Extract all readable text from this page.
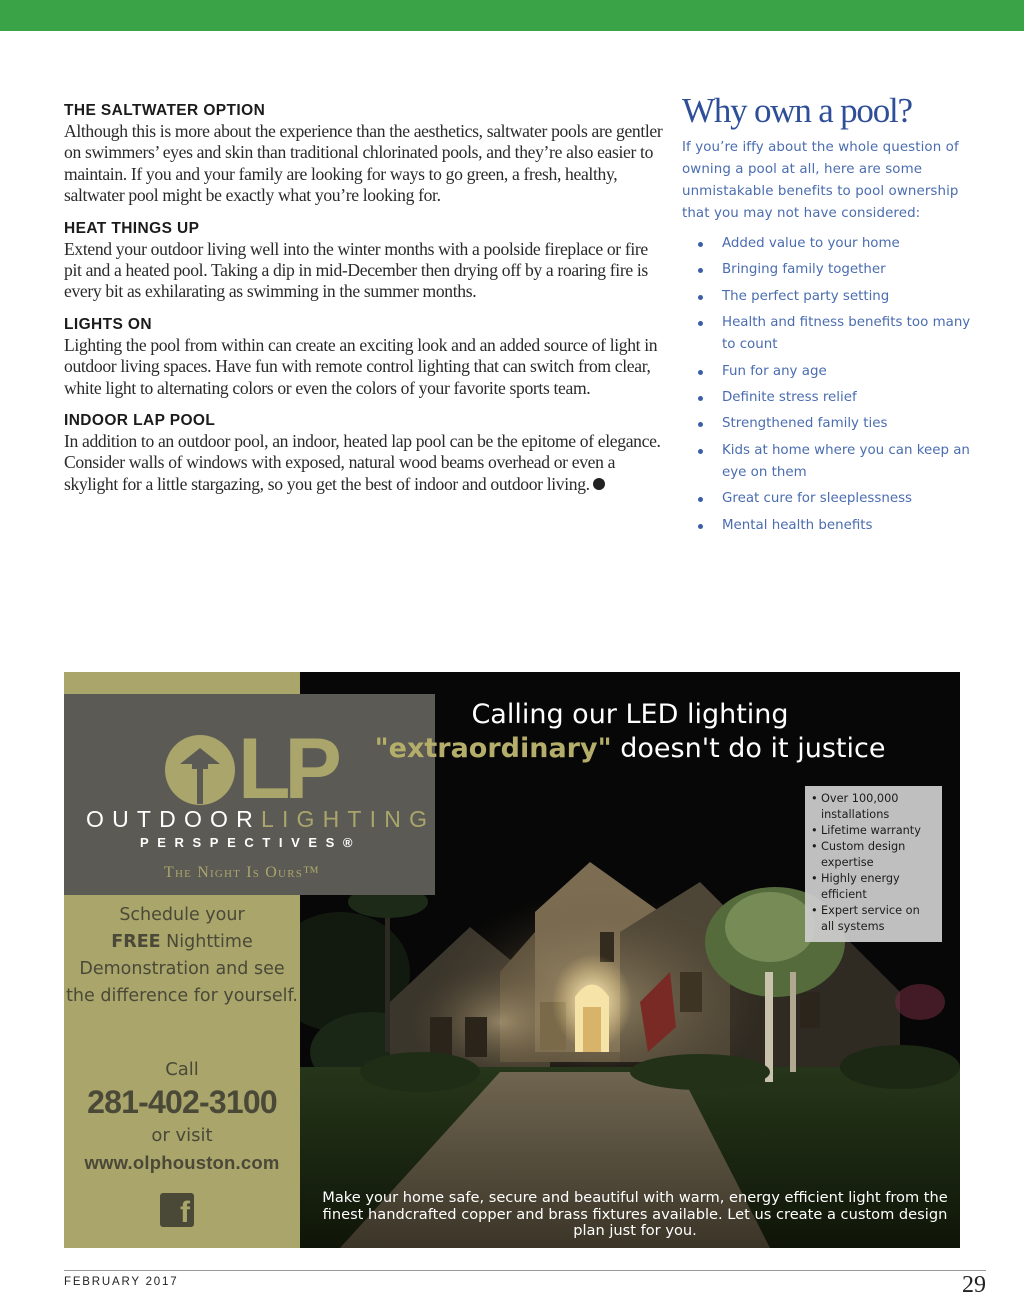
THE SALTWATER OPTION

Although this is more about the experience than the aesthetics, saltwater pools are gentler on swimmers’ eyes and skin than traditional chlorinated pools, and they’re also easier to maintain. If you and your family are looking for ways to go green, a fresh, healthy, saltwater pool might be exactly what you’re looking for.

HEAT THINGS UP

Extend your outdoor living well into the winter months with a poolside fireplace or fire pit and a heated pool. Taking a dip in mid-December then drying off by a roaring fire is every bit as exhilarating as swimming in the summer months.

LIGHTS ON

Lighting the pool from within can create an exciting look and an added source of light in outdoor living spaces. Have fun with remote control lighting that can switch from clear, white light to alternating colors or even the colors of your favorite sports team.

INDOOR LAP POOL

In addition to an outdoor pool, an indoor, heated lap pool can be the epitome of elegance. Consider walls of windows with exposed, natural wood beams overhead or even a skylight for a little stargazing, so you get the best of indoor and outdoor living.

Why own a pool?

If you’re iffy about the whole question of owning a pool at all, here are some unmistakable benefits to pool ownership that you may not have considered:

Added value to your home
Bringing family together
The perfect party setting
Health and fitness benefits too many to count
Fun for any age
Definite stress relief
Strengthened family ties
Kids at home where you can keep an eye on them
Great cure for sleeplessness
Mental health benefits
LP
OUTDOORLIGHTING
PERSPECTIVES®
The Night Is Ours™
Schedule your
FREE Nighttime Demonstration and see the difference for yourself.
Call
281-402-3100
or visit
www.olphouston.com
f
Calling our LED lighting
"extraordinary" doesn't do it justice
• Over 100,000 installations
• Lifetime warranty
• Custom design expertise
• Highly energy efficient
• Expert service on all systems
Make your home safe, secure and beautiful with warm, energy efficient light from the finest handcrafted copper and brass fixtures available. Let us create a custom design plan just for you.
FEBRUARY 2017	29
